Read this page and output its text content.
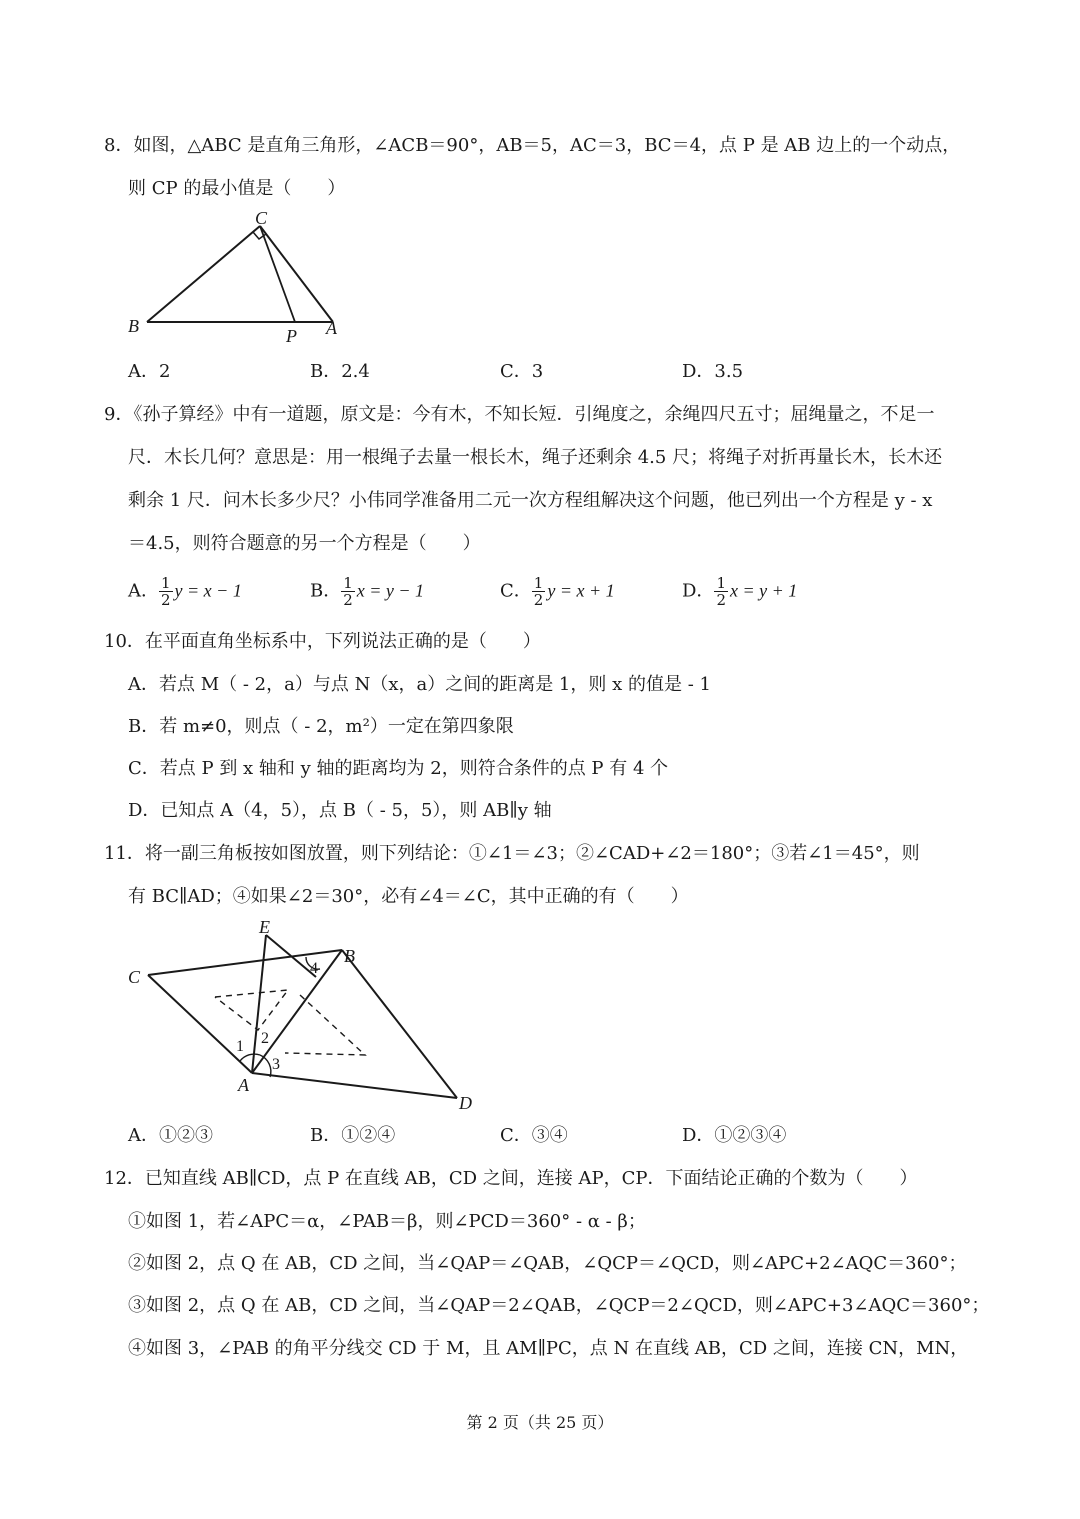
8．如图，△ABC 是直角三角形，∠ACB＝90°，AB＝5，AC＝3，BC＝4，点 P 是 AB 边上的一个动点，
则 CP 的最小值是（　　）
C
B	P A
A．2	B．2.4	C．3	D．3.5
9．《孙子算经》中有一道题，原文是：今有木，不知长短．引绳度之，余绳四尺五寸；屈绳量之，不足一
尺．木长几何？意思是：用一根绳子去量一根长木，绳子还剩余 4.5 尺；将绳子对折再量长木，长木还
剩余 1 尺．问木长多少尺？小伟同学准备用二元一次方程组解决这个问题，他已列出一个方程是 y - x
＝4.5，则符合题意的另一个方程是（　　）
A． $\frac{1}{2}$ y = x − 1	B． $\frac{1}{2}$ x = y − 1	C． $\frac{1}{2}$ y = x + 1	D． $\frac{1}{2}$ x = y + 1
10．在平面直角坐标系中，下列说法正确的是（　　）
A．若点 M（ - 2，a）与点 N（x，a）之间的距离是 1，则 x 的值是 - 1
B．若 m≠0，则点（ - 2，m²）一定在第四象限
C．若点 P 到 x 轴和 y 轴的距离均为 2，则符合条件的点 P 有 4 个
D．已知点 A（4，5），点 B（ - 5，5），则 AB∥y 轴
11．将一副三角板按如图放置，则下列结论：①∠1＝∠3；②∠CAD+∠2＝180°；③若∠1＝45°，则
有 BC∥AD；④如果∠2＝30°，必有∠4＝∠C，其中正确的有（　　）
E
B
C
A
D
1 2
3
4
A．①②③	B．①②④	C．③④	D．①②③④
12．已知直线 AB∥CD，点 P 在直线 AB，CD 之间，连接 AP，CP．下面结论正确的个数为（　　）
①如图 1，若∠APC＝α，∠PAB＝β，则∠PCD＝360° - α - β；
②如图 2，点 Q 在 AB，CD 之间，当∠QAP＝∠QAB，∠QCP＝∠QCD，则∠APC+2∠AQC＝360°；
③如图 2，点 Q 在 AB，CD 之间，当∠QAP＝2∠QAB，∠QCP＝2∠QCD，则∠APC+3∠AQC＝360°；
④如图 3，∠PAB 的角平分线交 CD 于 M，且 AM∥PC，点 N 在直线 AB，CD 之间，连接 CN，MN，
第 2 页（共 25 页）
